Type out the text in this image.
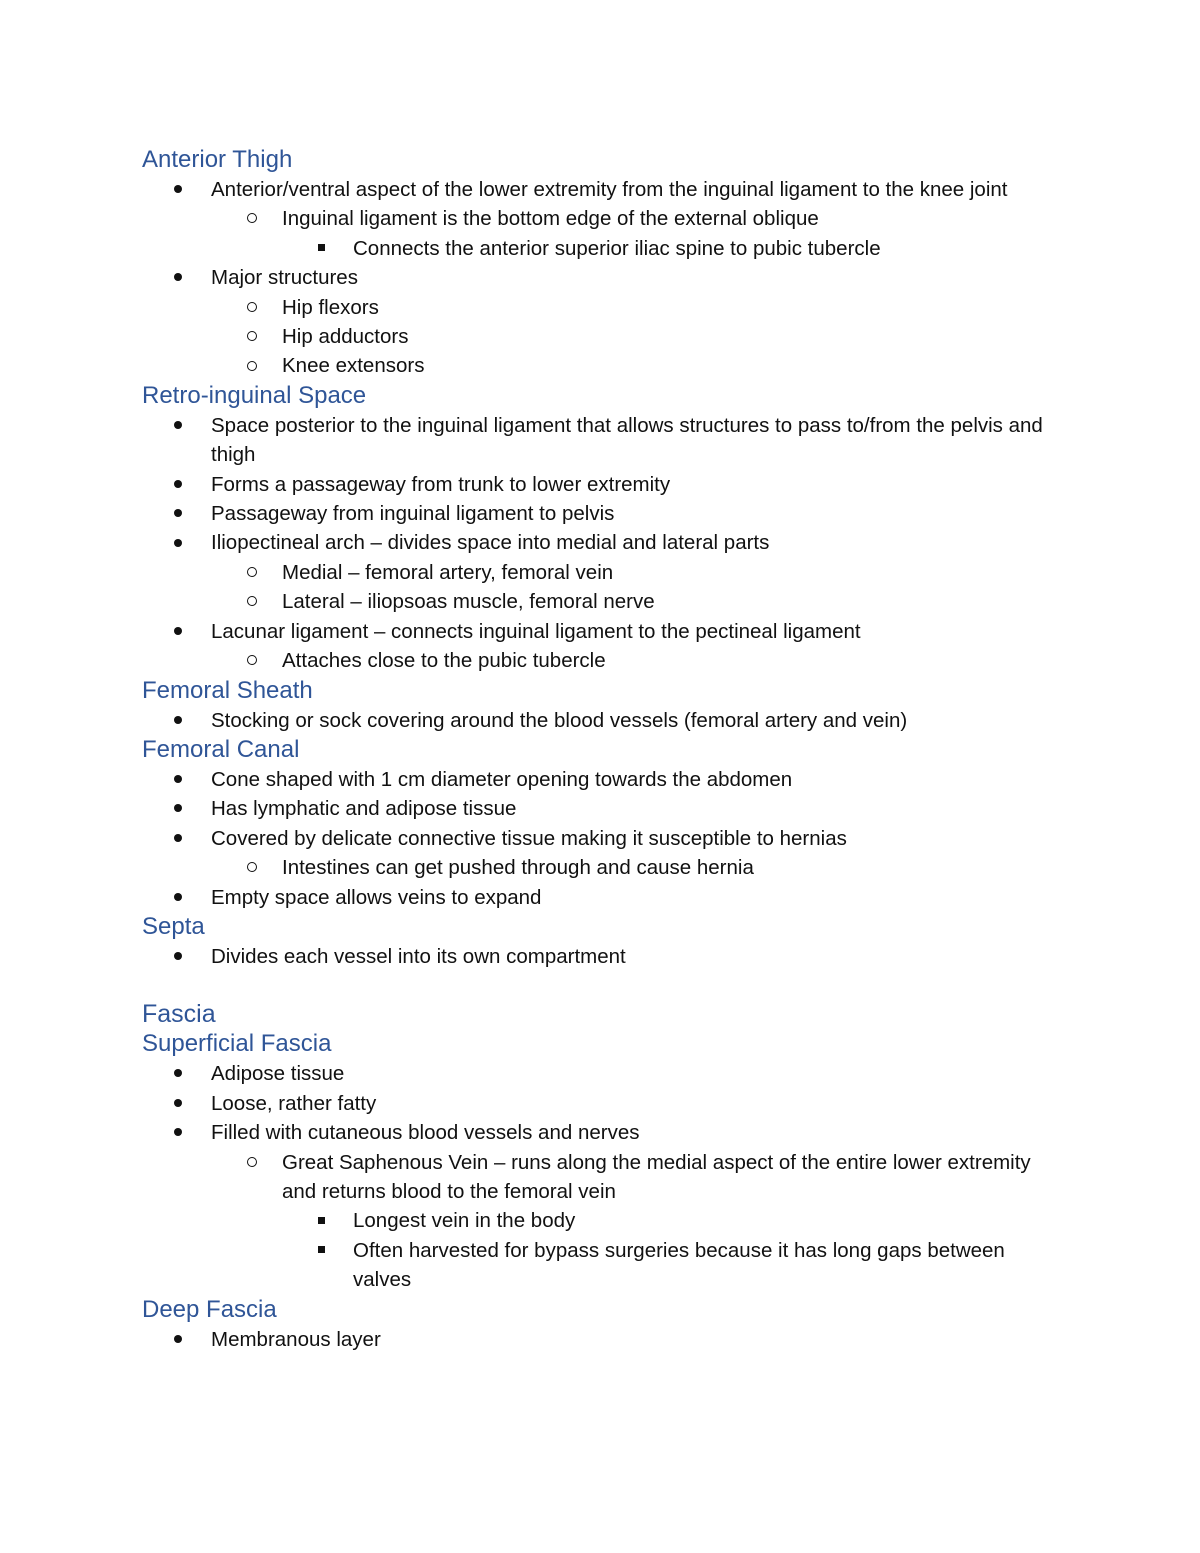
Anterior Thigh
Anterior/ventral aspect of the lower extremity from the inguinal ligament to the knee joint
Inguinal ligament is the bottom edge of the external oblique
Connects the anterior superior iliac spine to pubic tubercle
Major structures
Hip flexors
Hip adductors
Knee extensors
Retro-inguinal Space
Space posterior to the inguinal ligament that allows structures to pass to/from the pelvis and thigh
Forms a passageway from trunk to lower extremity
Passageway from inguinal ligament to pelvis
Iliopectineal arch – divides space into medial and lateral parts
Medial – femoral artery, femoral vein
Lateral – iliopsoas muscle, femoral nerve
Lacunar ligament – connects inguinal ligament to the pectineal ligament
Attaches close to the pubic tubercle
Femoral Sheath
Stocking or sock covering around the blood vessels (femoral artery and vein)
Femoral Canal
Cone shaped with 1 cm diameter opening towards the abdomen
Has lymphatic and adipose tissue
Covered by delicate connective tissue making it susceptible to hernias
Intestines can get pushed through and cause hernia
Empty space allows veins to expand
Septa
Divides each vessel into its own compartment
Fascia
Superficial Fascia
Adipose tissue
Loose, rather fatty
Filled with cutaneous blood vessels and nerves
Great Saphenous Vein – runs along the medial aspect of the entire lower extremity and returns blood to the femoral vein
Longest vein in the body
Often harvested for bypass surgeries because it has long gaps between valves
Deep Fascia
Membranous layer
